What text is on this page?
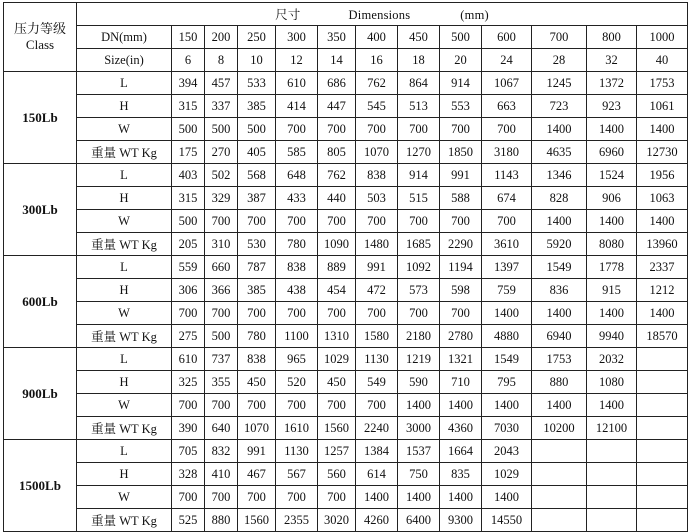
压力等级
Class	尺寸 Dimensions (mm)												
	DN(mm)	150	200	250	300	350	400	450	500	600	700	800	1000
	Size(in)	6	8	10	12	14	16	18	20	24	28	32	40
150Lb	L	394	457	533	610	686	762	864	914	1067	1245	1372	1753
	H	315	337	385	414	447	545	513	553	663	723	923	1061
	W	500	500	500	700	700	700	700	700	700	1400	1400	1400
	重量 WT Kg	175	270	405	585	805	1070	1270	1850	3180	4635	6960	12730
300Lb	L	403	502	568	648	762	838	914	991	1143	1346	1524	1956
	H	315	329	387	433	440	503	515	588	674	828	906	1063
	W	500	700	700	700	700	700	700	700	700	1400	1400	1400
	重量 WT Kg	205	310	530	780	1090	1480	1685	2290	3610	5920	8080	13960
600Lb	L	559	660	787	838	889	991	1092	1194	1397	1549	1778	2337
	H	306	366	385	438	454	472	573	598	759	836	915	1212
	W	700	700	700	700	700	700	700	700	1400	1400	1400	1400
	重量 WT Kg	275	500	780	1100	1310	1580	2180	2780	4880	6940	9940	18570
900Lb	L	610	737	838	965	1029	1130	1219	1321	1549	1753	2032	
	H	325	355	450	520	450	549	590	710	795	880	1080	
	W	700	700	700	700	700	700	1400	1400	1400	1400	1400	
	重量 WT Kg	390	640	1070	1610	1560	2240	3000	4360	7030	10200	12100	
1500Lb	L	705	832	991	1130	1257	1384	1537	1664	2043			
	H	328	410	467	567	560	614	750	835	1029			
	W	700	700	700	700	700	1400	1400	1400	1400			
	重量 WT Kg	525	880	1560	2355	3020	4260	6400	9300	14550			
